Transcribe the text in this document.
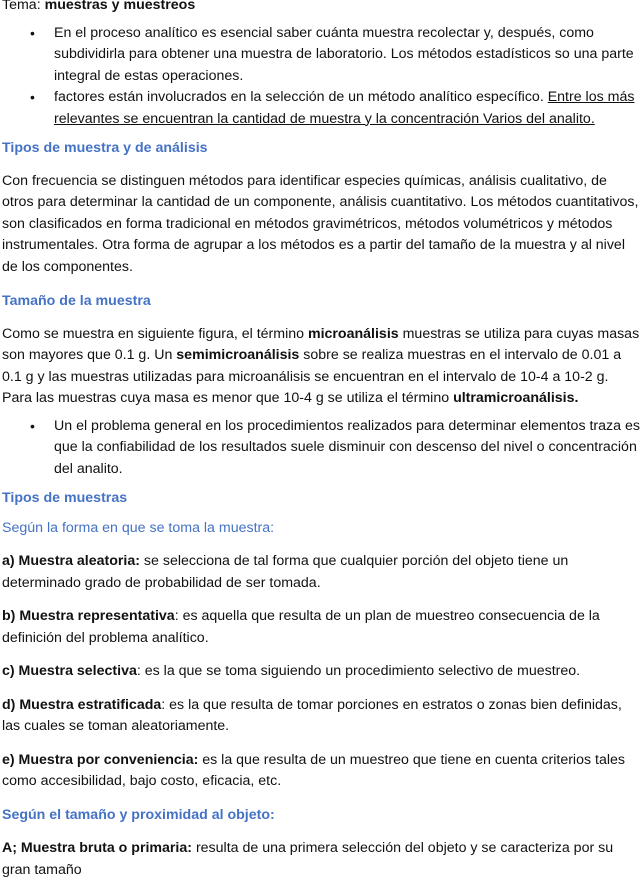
Tema: muestras y muestreos

• En el proceso analítico es esencial saber cuánta muestra recolectar y, después, como subdividirla para obtener una muestra de laboratorio. Los métodos estadísticos so una parte integral de estas operaciones.
• factores están involucrados en la selección de un método analítico específico. Entre los más relevantes se encuentran la cantidad de muestra y la concentración Varios del analito.

Tipos de muestra y de análisis

Con frecuencia se distinguen métodos para identificar especies químicas, análisis cualitativo, de otros para determinar la cantidad de un componente, análisis cuantitativo. Los métodos cuantitativos, son clasificados en forma tradicional en métodos gravimétricos, métodos volumétricos y métodos instrumentales. Otra forma de agrupar a los métodos es a partir del tamaño de la muestra y al nivel de los componentes.

Tamaño de la muestra

Como se muestra en siguiente figura, el término microanálisis muestras se utiliza para cuyas masas son mayores que 0.1 g. Un semimicroanálisis sobre se realiza muestras en el intervalo de 0.01 a 0.1 g y las muestras utilizadas para microanálisis se encuentran en el intervalo de 10-4 a 10-2 g. Para las muestras cuya masa es menor que 10-4 g se utiliza el término ultramicroanálisis.

• Un el problema general en los procedimientos realizados para determinar elementos traza es que la confiabilidad de los resultados suele disminuir con descenso del nivel o concentración del analito.

Tipos de muestras

Según la forma en que se toma la muestra:

a) Muestra aleatoria: se selecciona de tal forma que cualquier porción del objeto tiene un determinado grado de probabilidad de ser tomada.

b) Muestra representativa: es aquella que resulta de un plan de muestreo consecuencia de la definición del problema analítico.

c) Muestra selectiva: es la que se toma siguiendo un procedimiento selectivo de muestreo.

d) Muestra estratificada: es la que resulta de tomar porciones en estratos o zonas bien definidas, las cuales se toman aleatoriamente.

e) Muestra por conveniencia: es la que resulta de un muestreo que tiene en cuenta criterios tales como accesibilidad, bajo costo, eficacia, etc.

Según el tamaño y proximidad al objeto:

A; Muestra bruta o primaria: resulta de una primera selección del objeto y se caracteriza por su gran tamaño
